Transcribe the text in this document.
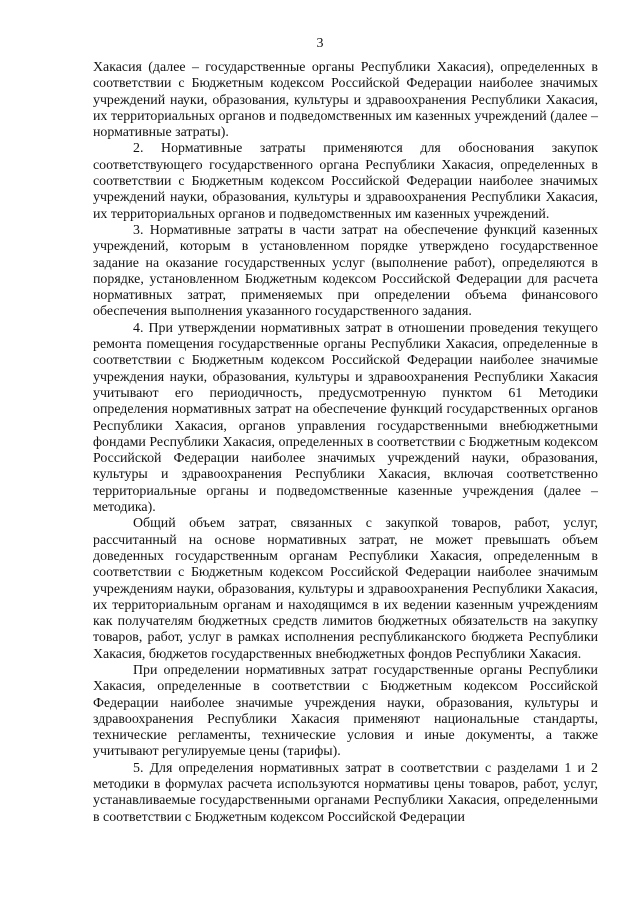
3

Хакасия (далее – государственные органы Республики Хакасия), определенных в соответствии с Бюджетным кодексом Российской Федерации наиболее значимых учреждений науки, образования, культуры и здравоохранения Республики Хакасия, их территориальных органов и подведомственных им казенных учреждений (далее – нормативные затраты).

2. Нормативные затраты применяются для обоснования закупок соответствующего государственного органа Республики Хакасия, определенных в соответствии с Бюджетным кодексом Российской Федерации наиболее значимых учреждений науки, образования, культуры и здравоохранения Республики Хакасия, их территориальных органов и подведомственных им казенных учреждений.

3. Нормативные затраты в части затрат на обеспечение функций казенных учреждений, которым в установленном порядке утверждено государственное задание на оказание государственных услуг (выполнение работ), определяются в порядке, установленном Бюджетным кодексом Российской Федерации для расчета нормативных затрат, применяемых при определении объема финансового обеспечения выполнения указанного государственного задания.

4. При утверждении нормативных затрат в отношении проведения текущего ремонта помещения государственные органы Республики Хакасия, определенные в соответствии с Бюджетным кодексом Российской Федерации наиболее значимые учреждения науки, образования, культуры и здравоохранения Республики Хакасия учитывают его периодичность, предусмотренную пунктом 61 Методики определения нормативных затрат на обеспечение функций государственных органов Республики Хакасия, органов управления государственными внебюджетными фондами Республики Хакасия, определенных в соответствии с Бюджетным кодексом Российской Федерации наиболее значимых учреждений науки, образования, культуры и здравоохранения Республики Хакасия, включая соответственно территориальные органы и подведомственные казенные учреждения (далее – методика).

Общий объем затрат, связанных с закупкой товаров, работ, услуг, рассчитанный на основе нормативных затрат, не может превышать объем доведенных государственным органам Республики Хакасия, определенным в соответствии с Бюджетным кодексом Российской Федерации наиболее значимым учреждениям науки, образования, культуры и здравоохранения Республики Хакасия, их территориальным органам и находящимся в их ведении казенным учреждениям как получателям бюджетных средств лимитов бюджетных обязательств на закупку товаров, работ, услуг в рамках исполнения республиканского бюджета Республики Хакасия, бюджетов государственных внебюджетных фондов Республики Хакасия.

При определении нормативных затрат государственные органы Республики Хакасия, определенные в соответствии с Бюджетным кодексом Российской Федерации наиболее значимые учреждения науки, образования, культуры и здравоохранения Республики Хакасия применяют национальные стандарты, технические регламенты, технические условия и иные документы, а также учитывают регулируемые цены (тарифы).

5. Для определения нормативных затрат в соответствии с разделами 1 и 2 методики в формулах расчета используются нормативы цены товаров, работ, услуг, устанавливаемые государственными органами Республики Хакасия, определенными в соответствии с Бюджетным кодексом Российской Федерации
